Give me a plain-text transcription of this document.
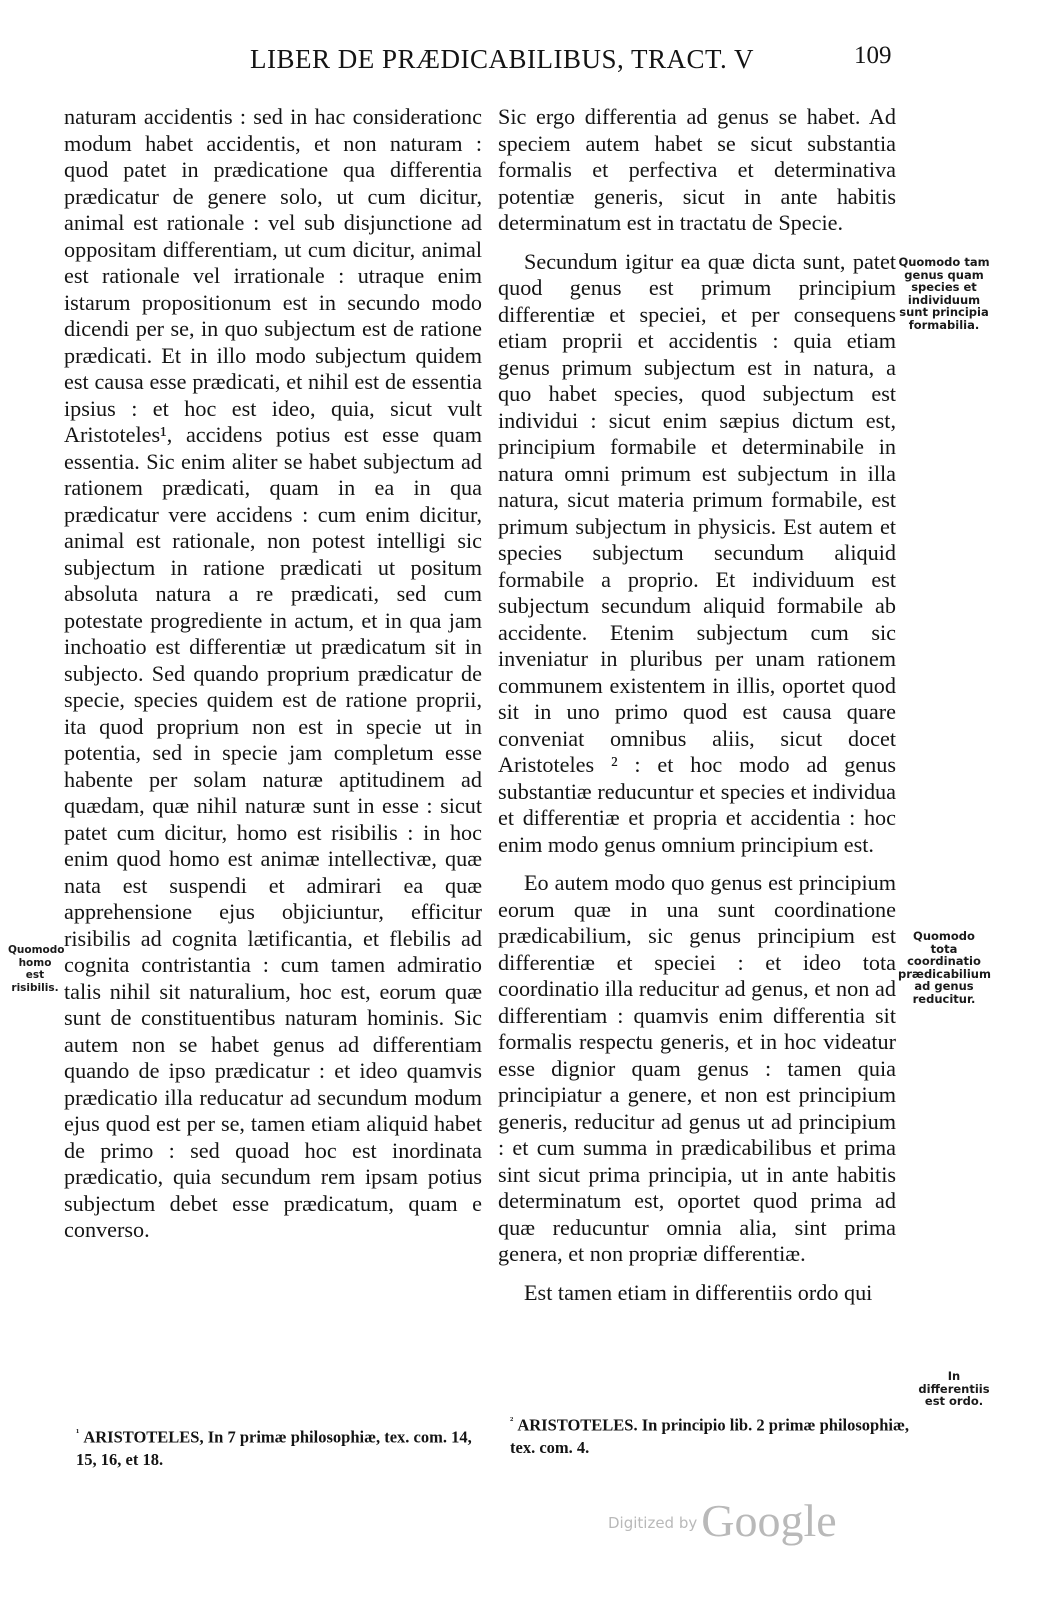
LIBER DE PRÆDICABILIBUS, TRACT. V	109

naturam accidentis : sed in hac considerationc modum habet accidentis, et non naturam : quod patet in prædicatione qua differentia prædicatur de genere solo, ut cum dicitur, animal est rationale : vel sub disjunctione ad oppositam differentiam, ut cum dicitur, animal est rationale vel irrationale : utraque enim istarum propositionum est in secundo modo dicendi per se, in quo subjectum est de ratione prædicati. Et in illo modo subjectum quidem est causa esse prædicati, et nihil est de essentia ipsius : et hoc est ideo, quia, sicut vult Aristoteles¹, accidens potius est esse quam essentia. Sic enim aliter se habet subjectum ad rationem prædicati, quam in ea in qua prædicatur vere accidens : cum enim dicitur, animal est rationale, non potest intelligi sic subjectum in ratione prædicati ut positum absoluta natura a re prædicati, sed cum potestate progrediente in actum, et in qua jam inchoatio est differentiæ ut prædicatum sit in subjecto. Sed quando proprium prædicatur de specie, species quidem est de ratione proprii, ita quod proprium non est in specie ut in potentia, sed in specie jam completum esse habente per solam naturæ aptitudinem ad quædam, quæ nihil naturæ sunt in esse : sicut patet cum dicitur, homo est risibilis : in hoc enim quod homo est animæ intellectivæ, quæ nata est suspendi et admirari ea quæ apprehensione ejus objiciuntur, efficitur risibilis ad cognita lætificantia, et flebilis ad cognita contristantia : cum tamen admiratio talis nihil sit naturalium, hoc est, eorum quæ sunt de constituentibus naturam hominis. Sic autem non se habet genus ad differentiam quando de ipso prædicatur : et ideo quamvis prædicatio illa reducatur ad secundum modum ejus quod est per se, tamen etiam aliquid habet de primo : sed quoad hoc est inordinata prædicatio, quia secundum rem ipsam potius subjectum debet esse prædicatum, quam e converso.

Sic ergo differentia ad genus se habet. Ad speciem autem habet se sicut substantia formalis et perfectiva et determinativa potentiæ generis, sicut in ante habitis determinatum est in tractatu de Specie.

Secundum igitur ea quæ dicta sunt, patet quod genus est primum principium differentiæ et speciei, et per consequens etiam proprii et accidentis : quia etiam genus primum subjectum est in natura, a quo habet species, quod subjectum est individui : sicut enim sæpius dictum est, principium formabile et determinabile in natura omni primum est subjectum in illa natura, sicut materia primum formabile, est primum subjectum in physicis. Est autem et species subjectum secundum aliquid formabile a proprio. Et individuum est subjectum secundum aliquid formabile ab accidente. Etenim subjectum cum sic inveniatur in pluribus per unam rationem communem existentem in illis, oportet quod sit in uno primo quod est causa quare conveniat omnibus aliis, sicut docet Aristoteles ² : et hoc modo ad genus substantiæ reducuntur et species et individua et differentiæ et propria et accidentia : hoc enim modo genus omnium principium est.

Eo autem modo quo genus est principium eorum quæ in una sunt coordinatione prædicabilium, sic genus principium est differentiæ et speciei : et ideo tota coordinatio illa reducitur ad genus, et non ad differentiam : quamvis enim differentia sit formalis respectu generis, et in hoc videatur esse dignior quam genus : tamen quia principiatur a genere, et non est principium generis, reducitur ad genus ut ad principium : et cum summa in prædicabilibus et prima sint sicut prima principia, ut in ante habitis determinatum est, oportet quod prima ad quæ reducuntur omnia alia, sint prima genera, et non propriæ differentiæ.

Est tamen etiam in differentiis ordo qui

Quomodo tam genus quam species et individuum sunt principia formabilia.
Quomodo tota coordinatio prædicabilium ad genus reducitur.
Quomodo homo est risibilis.
In differentiis est ordo.
$^{^1}$ ARISTOTELES, In 7 primæ philosophiæ, tex. com. 14, 15, 16, et 18.
$^{^2}$ ARISTOTELES. In principio lib. 2 primæ philosophiæ, tex. com. 4.
Digitized byGoogle
